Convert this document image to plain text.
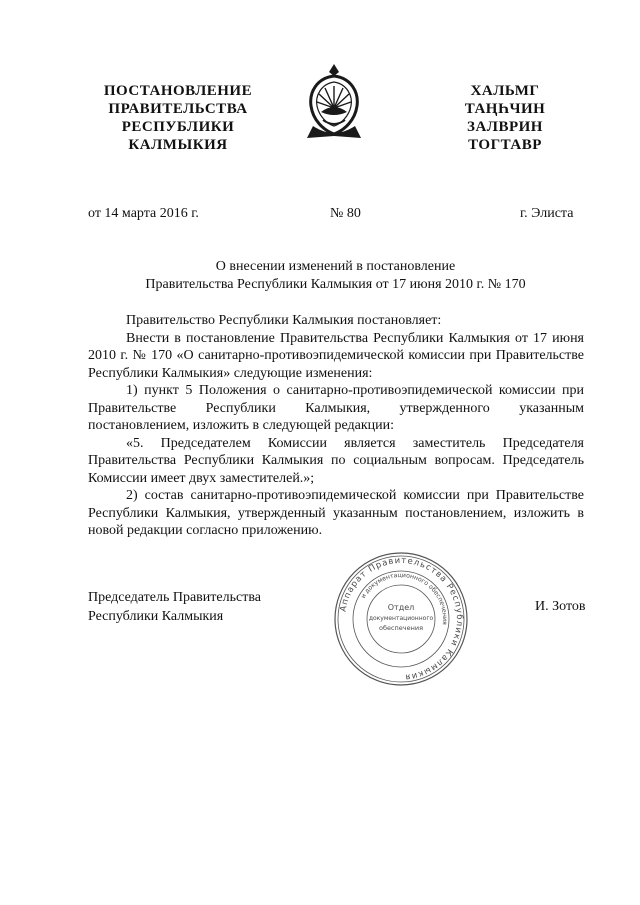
ПОСТАНОВЛЕНИЕ
ПРАВИТЕЛЬСТВА
РЕСПУБЛИКИ
КАЛМЫКИЯ
ХАЛЬМГ
ТАҢҺЧИН
ЗАЛВРИН
ТОГТАВР
от 14 марта 2016 г.	№ 80	г. Элиста
О внесении изменений в постановление
Правительства Республики Калмыкия от 17 июня 2010 г. № 170

Правительство Республики Калмыкия постановляет:

Внести в постановление Правительства Республики Калмыкия от 17 июня 2010 г. № 170 «О санитарно-противоэпидемической комиссии при Правительстве Республики Калмыкия» следующие изменения:

1) пункт 5 Положения о санитарно-противоэпидемической комиссии при Правительстве Республики Калмыкия, утвержденного указанным постановлением, изложить в следующей редакции:

«5. Председателем Комиссии является заместитель Председателя Правительства Республики Калмыкия по социальным вопросам. Председатель Комиссии имеет двух заместителей.»;

2) состав санитарно-противоэпидемической комиссии при Правительстве Республики Калмыкия, утвержденный указанным постановлением, изложить в новой редакции согласно приложению.

Председатель Правительства
Республики Калмыкия
И. Зотов
Аппарат Правительства Республики Калмыкия
и документационного обеспечения
Отдел
документационного
обеспечения
